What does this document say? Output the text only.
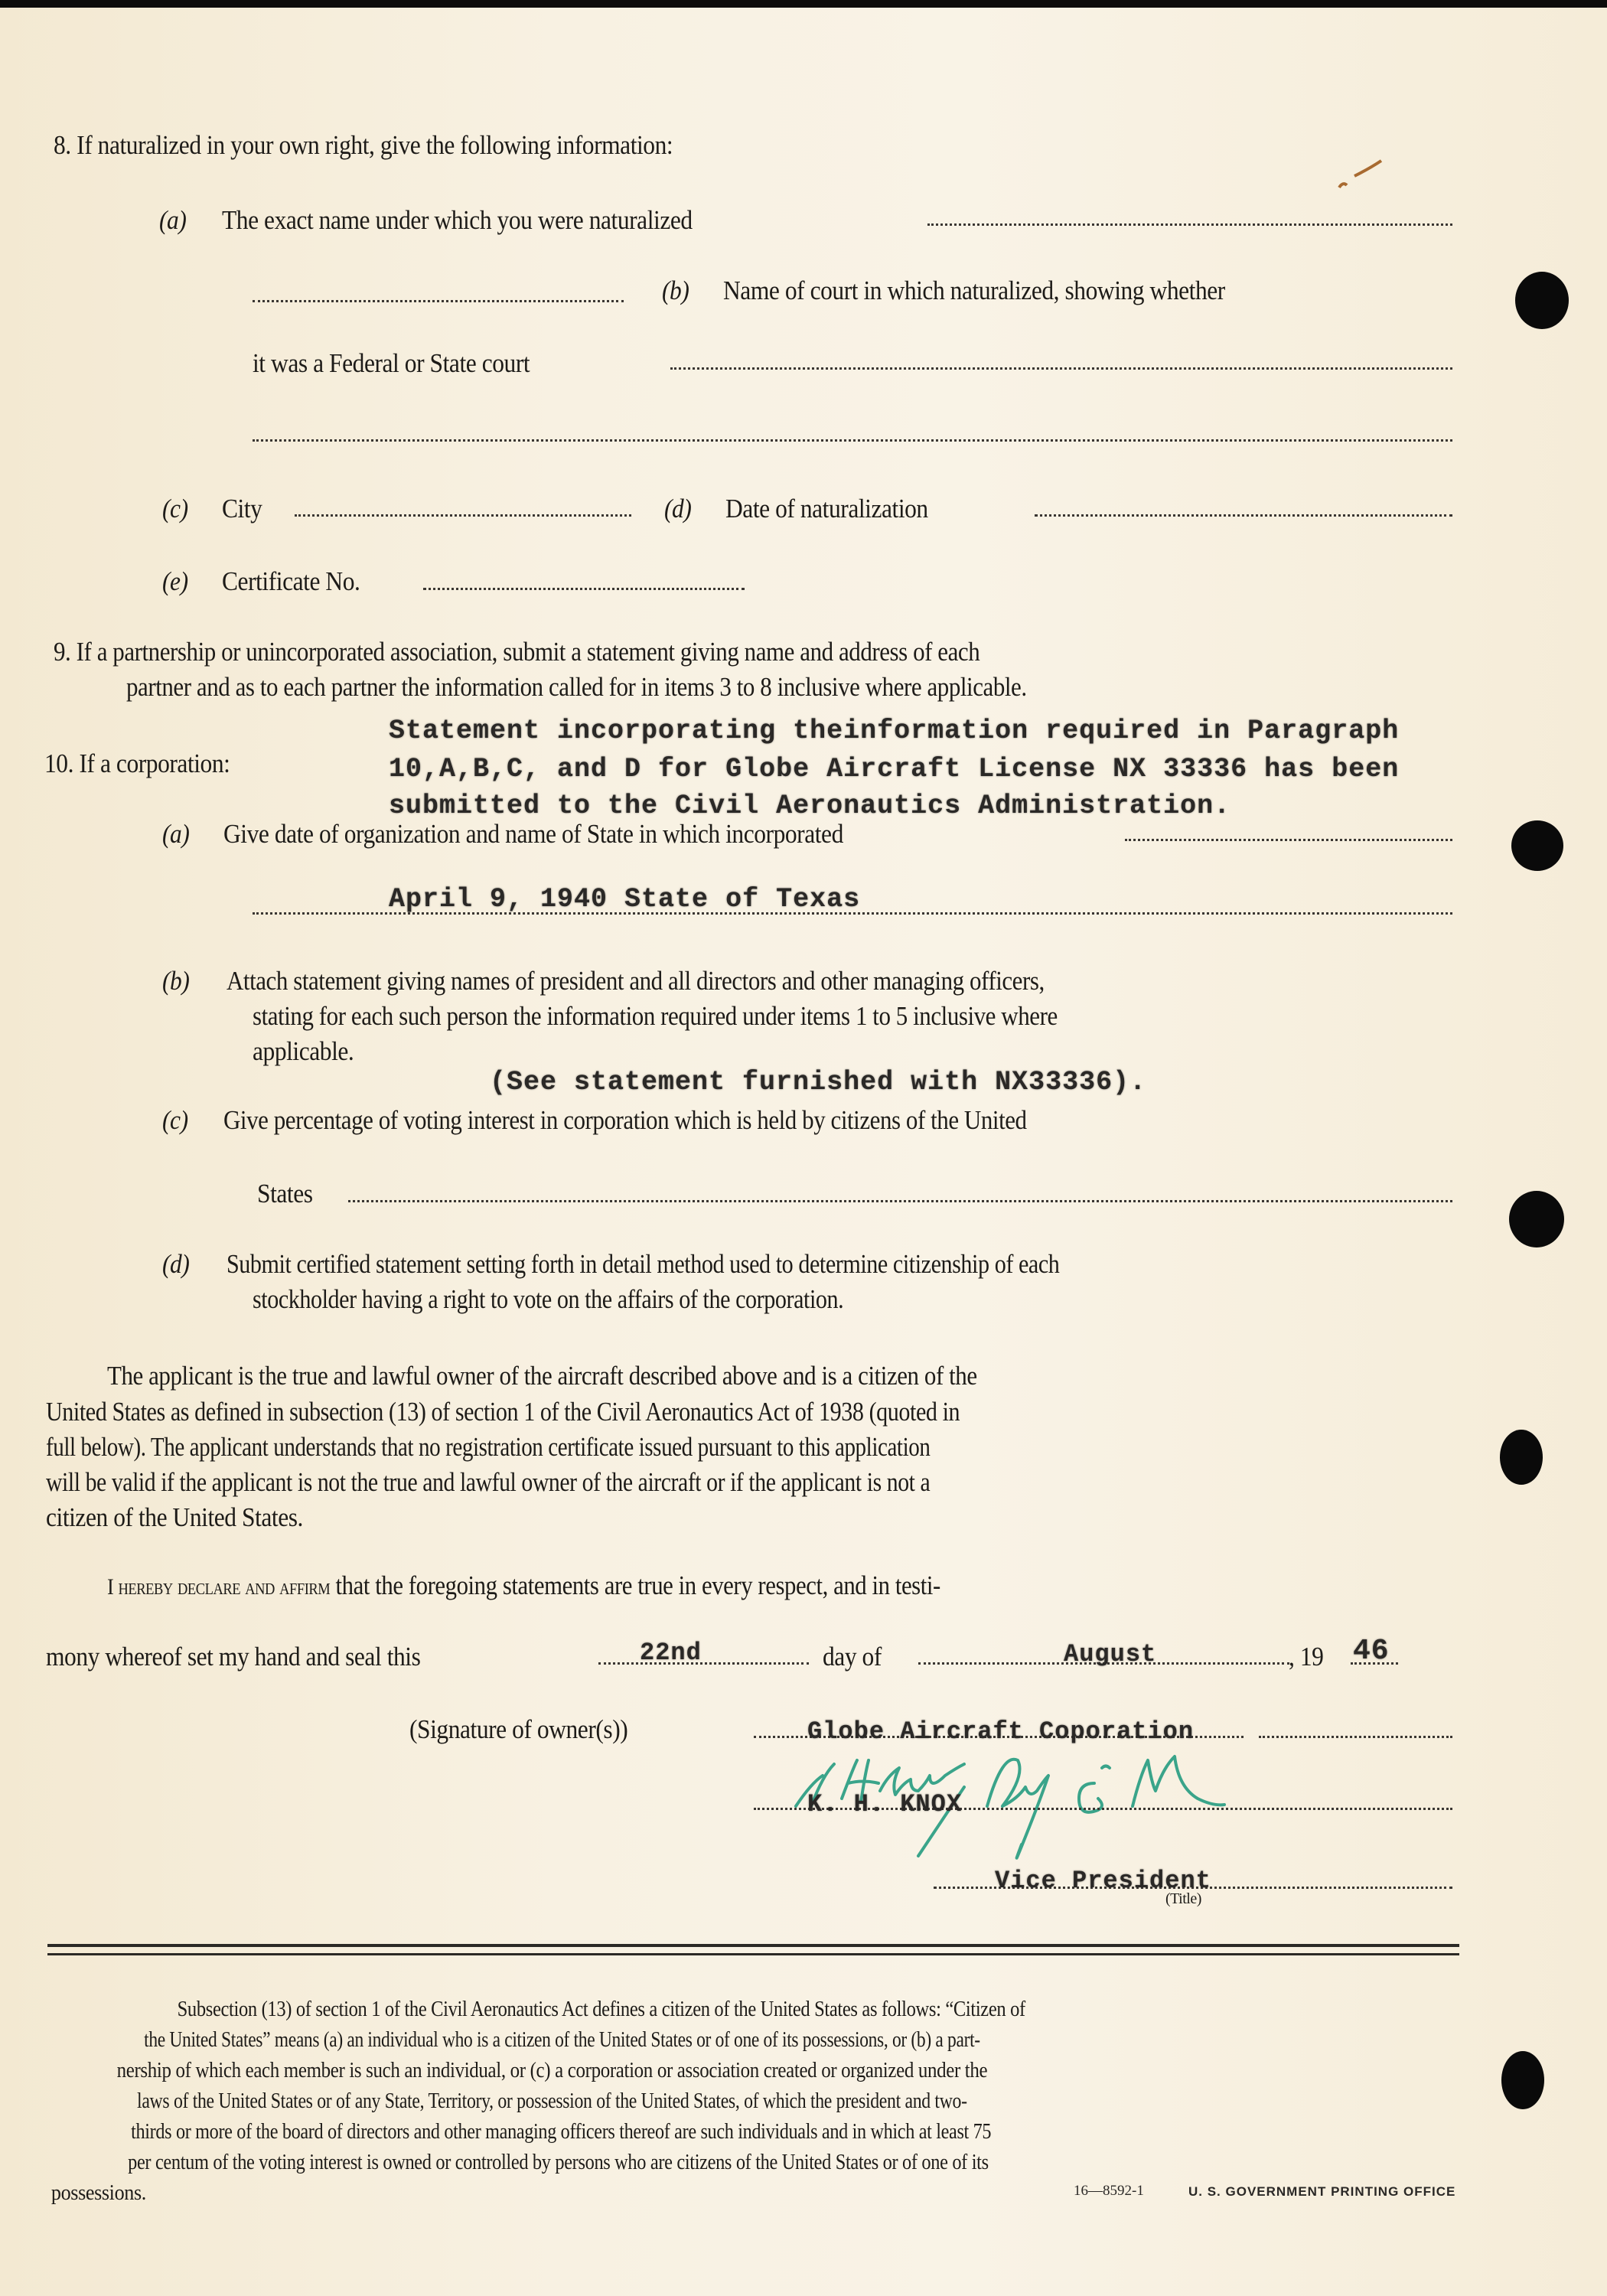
8. If naturalized in your own right, give the following information:
(a) The exact name under which you were naturalized
(b) Name of court in which naturalized, showing whether
it was a Federal or State court
(c) City	(d) Date of naturalization
(e) Certificate No.
9. If a partnership or unincorporated association, submit a statement giving name and address of each
partner and as to each partner the information called for in items 3 to 8 inclusive where applicable.
10. If a corporation:
Statement incorporating theinformation required in Paragraph
10,A,B,C, and D for Globe Aircraft License NX 33336 has been
submitted to the Civil Aeronautics Administration.
(a) Give date of organization and name of State in which incorporated
April 9, 1940 State of Texas
(b) Attach statement giving names of president and all directors and other managing officers,
stating for each such person the information required under items 1 to 5 inclusive where
applicable.
(See statement furnished with NX33336).
(c) Give percentage of voting interest in corporation which is held by citizens of the United
States
(d) Submit certified statement setting forth in detail method used to determine citizenship of each
stockholder having a right to vote on the affairs of the corporation.
The applicant is the true and lawful owner of the aircraft described above and is a citizen of the
United States as defined in subsection (13) of section 1 of the Civil Aeronautics Act of 1938 (quoted in
full below). The applicant understands that no registration certificate issued pursuant to this application
will be valid if the applicant is not the true and lawful owner of the aircraft or if the applicant is not a
citizen of the United States.
I hereby declare and affirm that the foregoing statements are true in every respect, and in testi-
mony whereof set my hand and seal this	22nd	day of	August	, 19 46
(Signature of owner(s))	Globe Aircraft Coporation
K. H. KNOX
Vice President
(Title)
Subsection (13) of section 1 of the Civil Aeronautics Act defines a citizen of the United States as follows: “Citizen of
the United States” means (a) an individual who is a citizen of the United States or of one of its possessions, or (b) a part-
nership of which each member is such an individual, or (c) a corporation or association created or organized under the
laws of the United States or of any State, Territory, or possession of the United States, of which the president and two-
thirds or more of the board of directors and other managing officers thereof are such individuals and in which at least 75
per centum of the voting interest is owned or controlled by persons who are citizens of the United States or of one of its
possessions.	16—8592-1	U. S. GOVERNMENT PRINTING OFFICE
